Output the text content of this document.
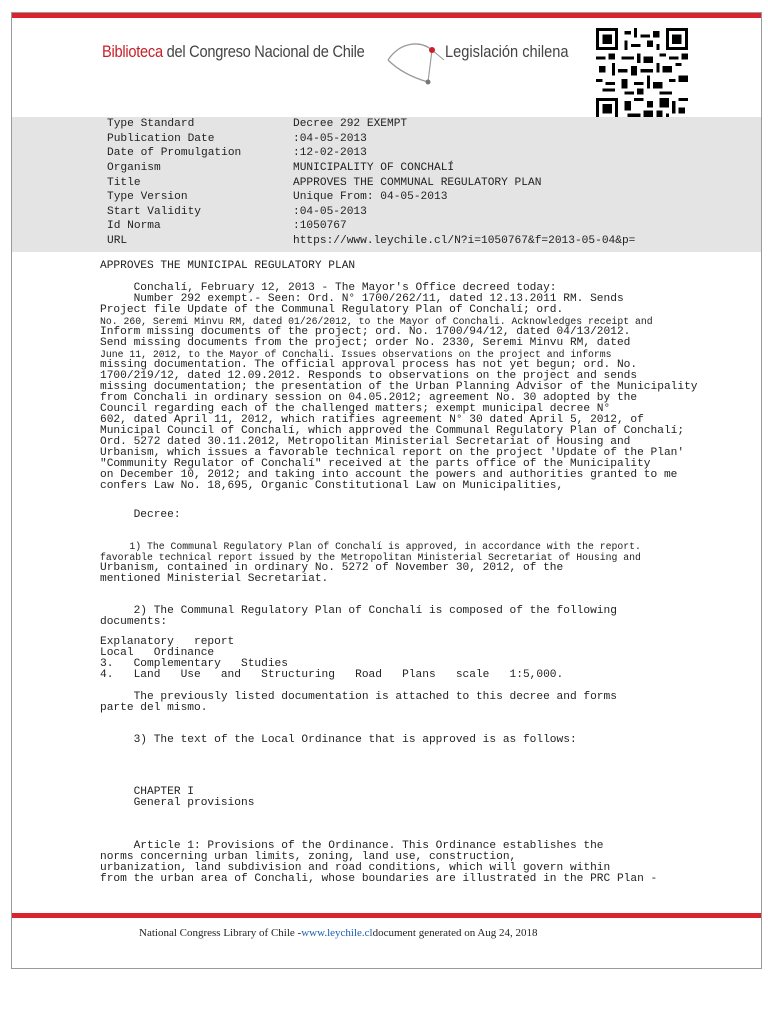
Biblioteca del Congreso Nacional de Chile	Legislación chilena
Type Standard	Decree 292 EXEMPT
Publication Date	:04-05-2013
Date of Promulgation	:12-02-2013
Organism	MUNICIPALITY OF CONCHALÍ
Title	APPROVES THE COMMUNAL REGULATORY PLAN
Type Version	Unique From: 04-05-2013
Start Validity	:04-05-2013
Id Norma	:1050767
URL	https://www.leychile.cl/N?i=1050767&f=2013-05-04&p=
APPROVES THE MUNICIPAL REGULATORY PLAN
Conchalí, February 12, 2013 - The Mayor's Office decreed today:
Number 292 exempt.- Seen: Ord. N° 1700/262/11, dated 12.13.2011 RM. Sends
Project file Update of the Communal Regulatory Plan of Conchalí; ord.
No. 260, Seremi Minvu RM, dated 01/26/2012, to the Mayor of Conchali. Acknowledges receipt and
Inform missing documents of the project; ord. No. 1700/94/12, dated 04/13/2012.
Send missing documents from the project; order No. 2330, Seremi Minvu RM, dated
June 11, 2012, to the Mayor of Conchali. Issues observations on the project and informs
missing documentation. The official approval process has not yet begun; ord. No.
1700/219/12, dated 12.09.2012. Responds to observations on the project and sends
missing documentation; the presentation of the Urban Planning Advisor of the Municipality
from Conchali in ordinary session on 04.05.2012; agreement No. 30 adopted by the
Council regarding each of the challenged matters; exempt municipal decree N°
602, dated April 11, 2012, which ratifies agreement N° 30 dated April 5, 2012, of
Municipal Council of Conchalí, which approved the Communal Regulatory Plan of Conchalí;
Ord. 5272 dated 30.11.2012, Metropolitan Ministerial Secretariat of Housing and
Urbanism, which issues a favorable technical report on the project 'Update of the Plan'
"Community Regulator of Conchalí" received at the parts office of the Municipality
on December 10, 2012; and taking into account the powers and authorities granted to me
confers Law No. 18,695, Organic Constitutional Law on Municipalities,
Decree:
1) The Communal Regulatory Plan of Conchalí is approved, in accordance with the report.
favorable technical report issued by the Metropolitan Ministerial Secretariat of Housing and
Urbanism, contained in ordinary No. 5272 of November 30, 2012, of the
mentioned Ministerial Secretariat.
2) The Communal Regulatory Plan of Conchalí is composed of the following
documents:
Explanatory   report
Local   Ordinance
3.   Complementary   Studies
4.   Land   Use   and   Structuring   Road   Plans   scale   1:5,000.
The previously listed documentation is attached to this decree and forms
parte del mismo.
3) The text of the Local Ordinance that is approved is as follows:
CHAPTER I
General provisions
Article 1: Provisions of the Ordinance. This Ordinance establishes the
norms concerning urban limits, zoning, land use, construction,
urbanization, land subdivision and road conditions, which will govern within
from the urban area of Conchali, whose boundaries are illustrated in the PRC Plan -
National Congress Library of Chile -www.leychile.cldocument generated on Aug 24, 2018
